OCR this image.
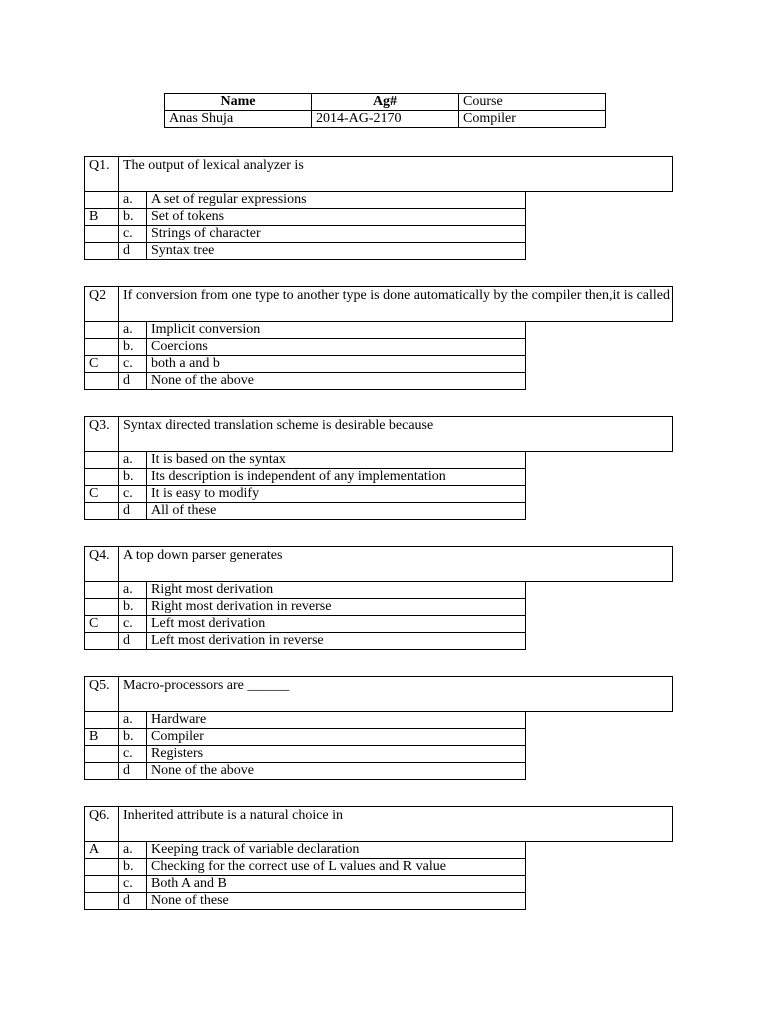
Name	Ag#	Course
Anas Shuja	2014-AG-2170	Compiler
Q1.	The output of lexical analyzer is
	a.	A set of regular expressions
B	b.	Set of tokens
	c.	Strings of character
	d	Syntax tree
Q2	If conversion from one type to another type is done automatically by the compiler then,it is called
	a.	Implicit conversion
	b.	Coercions
C	c.	both a and b
	d	None of the above
Q3.	Syntax directed translation scheme is desirable because
	a.	It is based on the syntax
	b.	Its description is independent of any implementation
C	c.	It is easy to modify
	d	All of these
Q4.	A top down parser generates
	a.	Right most derivation
	b.	Right most derivation in reverse
C	c.	Left most derivation
	d	Left most derivation in reverse
Q5.	Macro-processors are ______
	a.	Hardware
B	b.	Compiler
	c.	Registers
	d	None of the above
Q6.	Inherited attribute is a natural choice in
A	a.	Keeping track of variable declaration
	b.	Checking for the correct use of L values and R value
	c.	Both A and B
	d	None of these
